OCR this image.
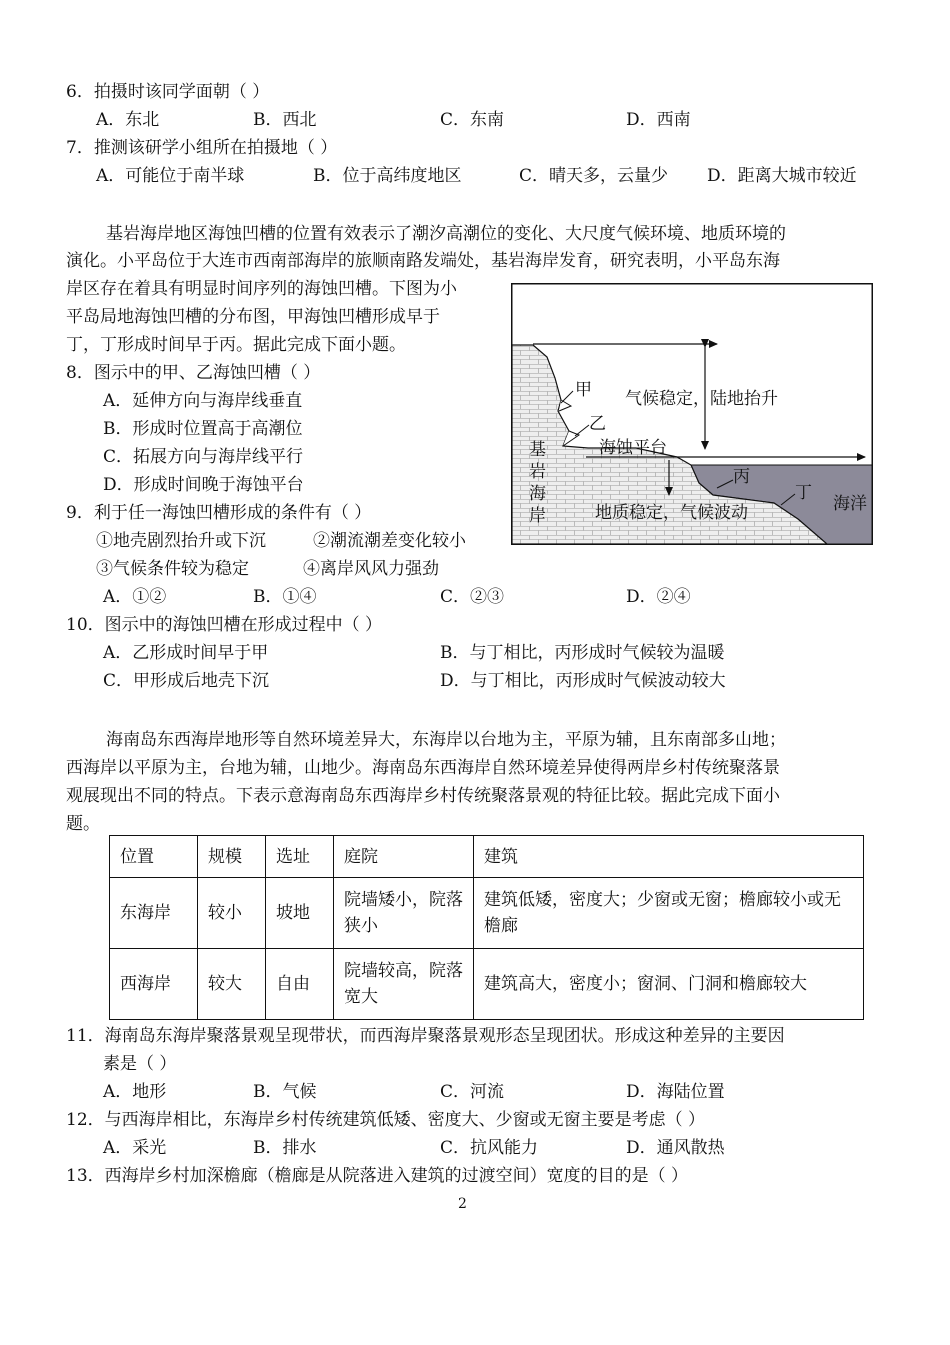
6．拍摄时该同学面朝（ ）
A．东北	B．西北	C．东南	D．西南
7．推测该研学小组所在拍摄地（ ）
A．可能位于南半球	B．位于高纬度地区	C．晴天多，云量少 D．距离大城市较近
基岩海岸地区海蚀凹槽的位置有效表示了潮汐高潮位的变化、大尺度气候环境、地质环境的
演化。小平岛位于大连市西南部海岸的旅顺南路发端处，基岩海岸发育，研究表明，小平岛东海
岸区存在着具有明显时间序列的海蚀凹槽。下图为小
平岛局地海蚀凹槽的分布图，甲海蚀凹槽形成早于
丁，丁形成时间早于丙。据此完成下面小题。
8．图示中的甲、乙海蚀凹槽（ ）
A．延伸方向与海岸线垂直
B．形成时位置高于高潮位
C．拓展方向与海岸线平行
D．形成时间晚于海蚀平台
9．利于任一海蚀凹槽形成的条件有（ ）
①地壳剧烈抬升或下沉	②潮流潮差变化较小
③气候条件较为稳定	④离岸风风力强劲
A．①②	B．①④	C．②③	D．②④
10．图示中的海蚀凹槽在形成过程中（ ）
A．乙形成时间早于甲	B．与丁相比，丙形成时气候较为温暖
C．甲形成后地壳下沉	D．与丁相比，丙形成时气候波动较大
甲
乙
丙
丁
海蚀平台
气候稳定，陆地抬升
地质稳定，气候波动	海洋
基
岩
海
岸
海南岛东西海岸地形等自然环境差异大，东海岸以台地为主，平原为辅，且东南部多山地；
西海岸以平原为主，台地为辅，山地少。海南岛东西海岸自然环境差异使得两岸乡村传统聚落景
观展现出不同的特点。下表示意海南岛东西海岸乡村传统聚落景观的特征比较。据此完成下面小
题。
位置	规模	选址	庭院	建筑
东海岸	较小	坡地	院墙矮小，院落狭小	建筑低矮，密度大；少窗或无窗；檐廊较小或无檐廊
西海岸	较大	自由	院墙较高，院落宽大	建筑高大，密度小；窗洞、门洞和檐廊较大
11．海南岛东海岸聚落景观呈现带状，而西海岸聚落景观形态呈现团状。形成这种差异的主要因
素是（ ）
A．地形	B．气候	C．河流	D．海陆位置
12．与西海岸相比，东海岸乡村传统建筑低矮、密度大、少窗或无窗主要是考虑（ ）
A．采光	B．排水	C．抗风能力	D．通风散热
13．西海岸乡村加深檐廊（檐廊是从院落进入建筑的过渡空间）宽度的目的是（ ）
2
